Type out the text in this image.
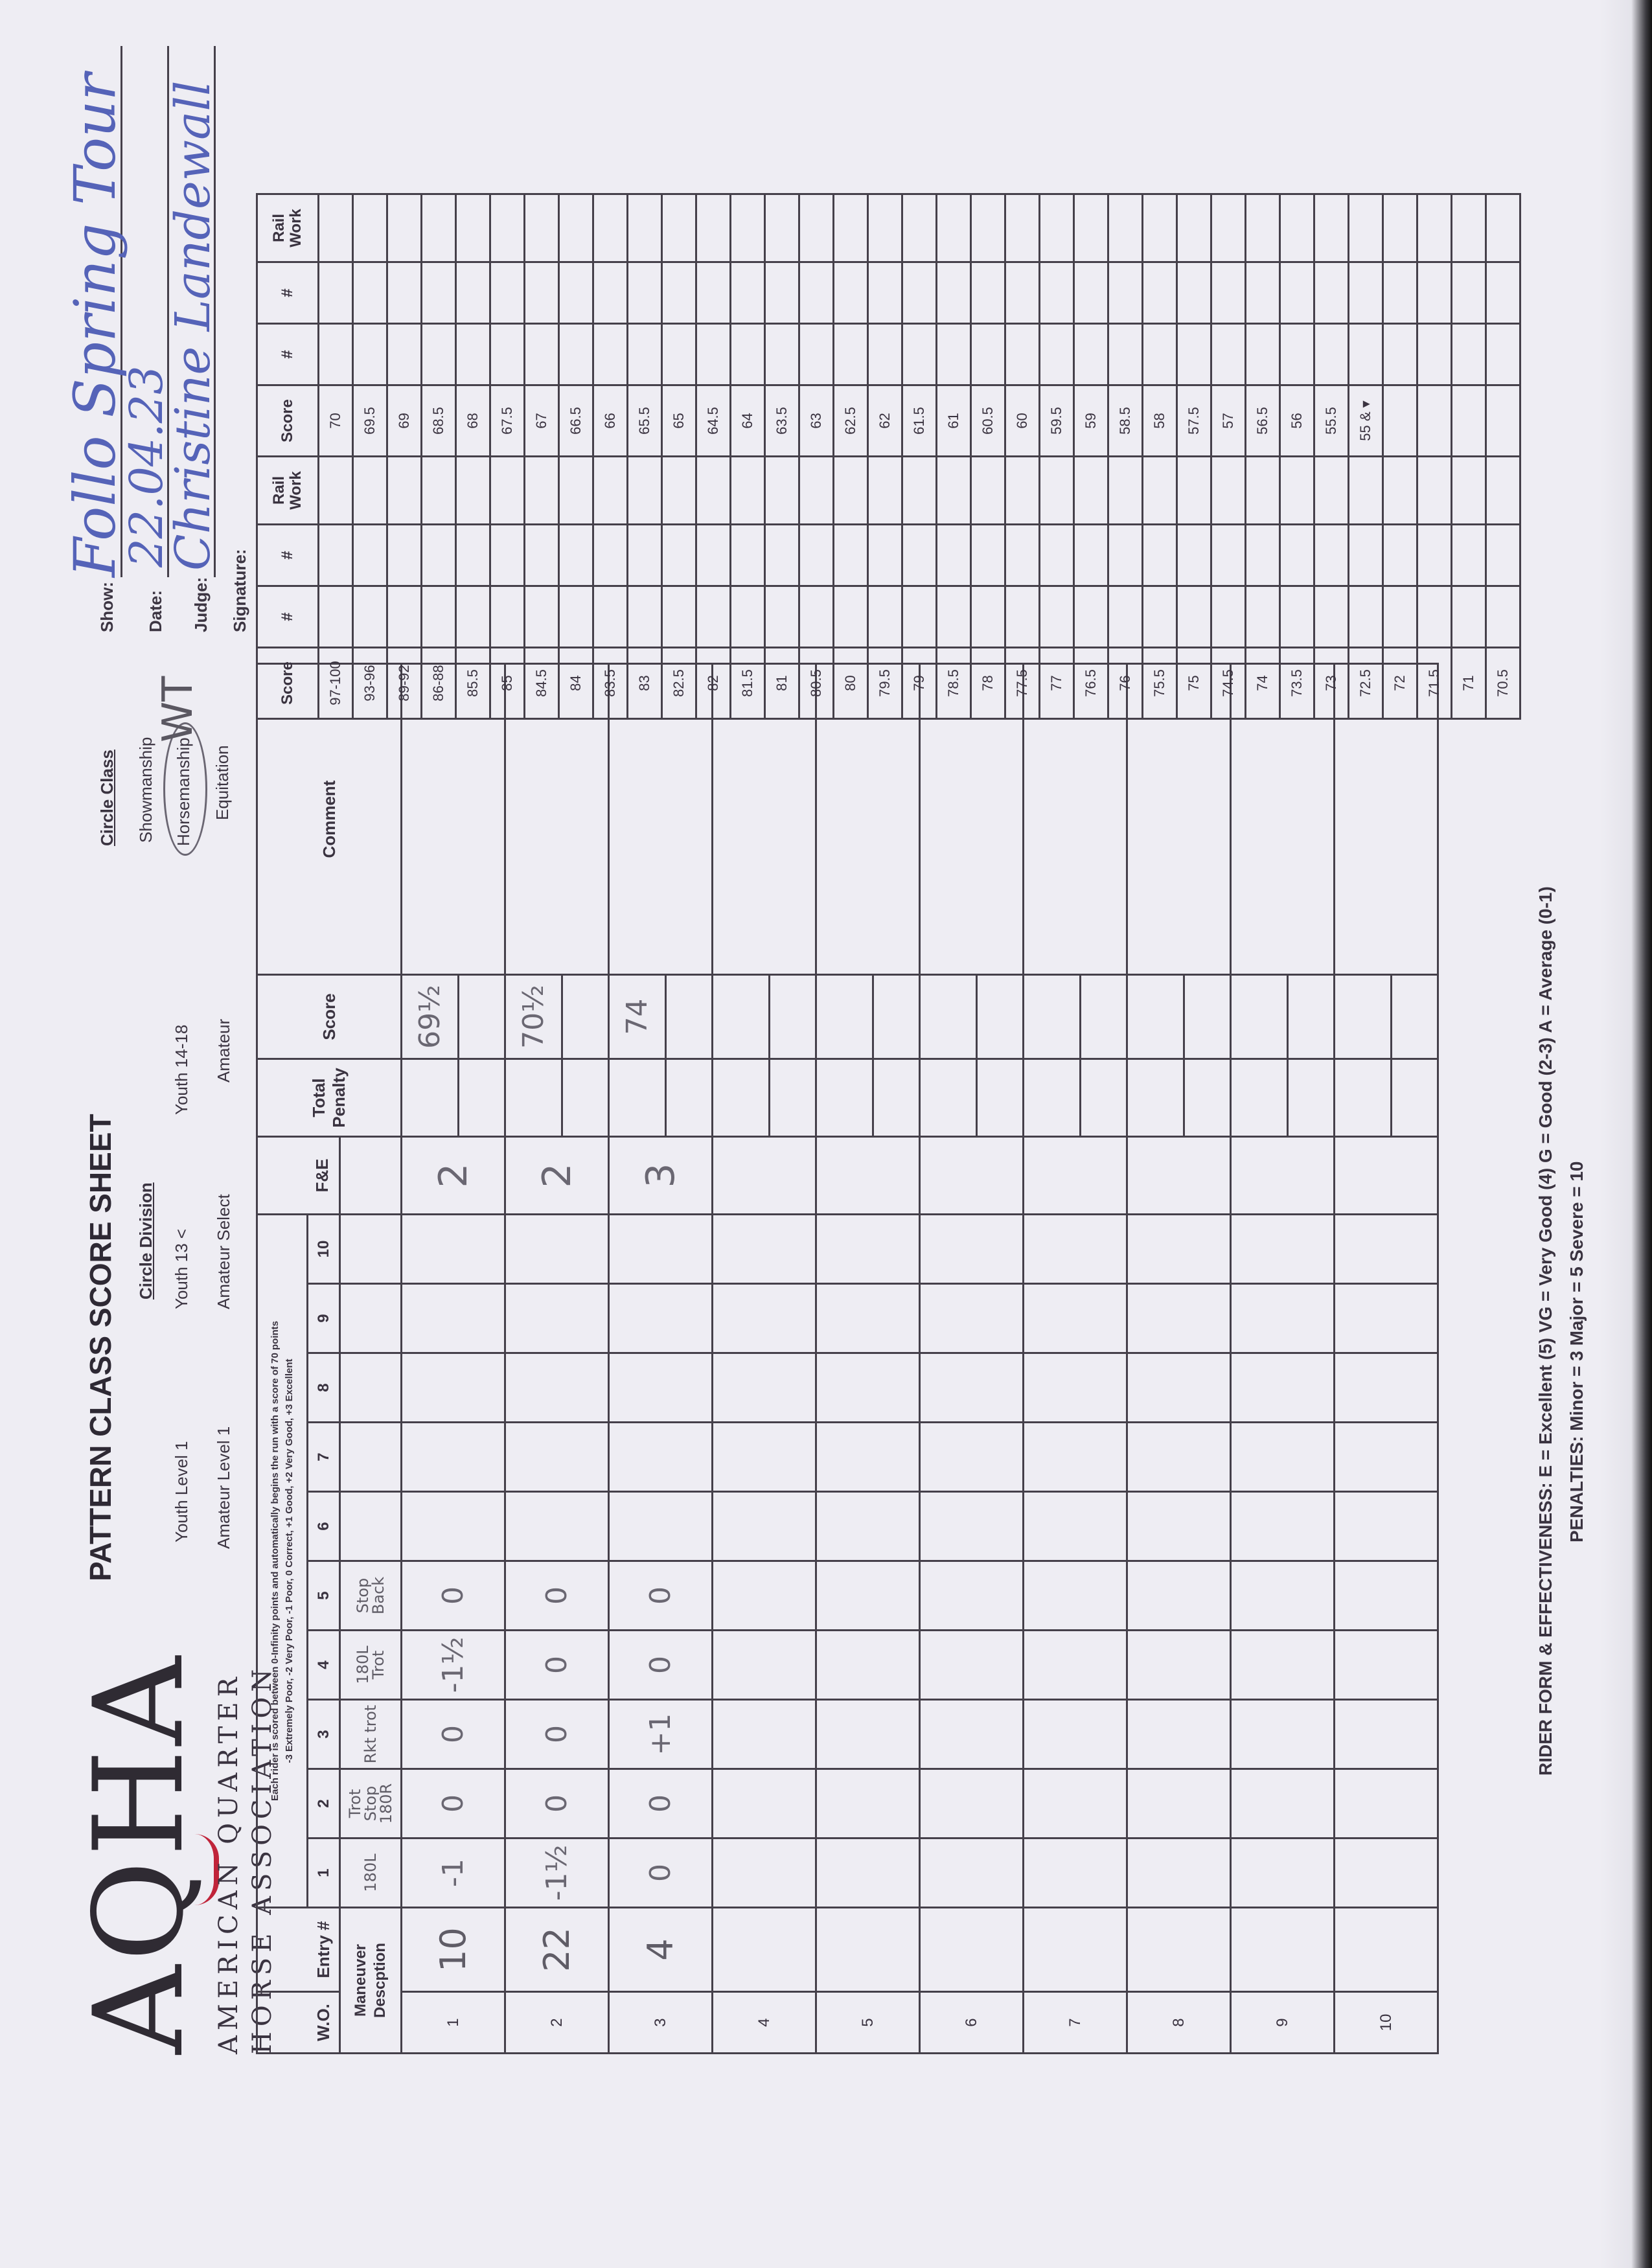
AQHA AMERICAN QUARTER HORSE ASSOCIATION
PATTERN CLASS SCORE SHEET Circle Division
Youth Level 1
Youth 13 <
Youth 14-18
Amateur Level 1
Amateur Select
Amateur
Circle Class Showmanship Horsemanship
WT
Equitation
Show:
Follo Spring Tour
Date:
22.04.23
Judge:
Christine Landewall
Signature:
W.O.	Entry #	Each rider is scored between 0-Infinity points and automatically begins the run with a score of 70 points -3 Extremely Poor, -2 Very Poor, -1 Poor, 0 Correct, +1 Good, +2 Very Good, +3 Excellent										F&E	Total Penalty	Score	Comment
		1	2	3	4	5	6	7	8	9	10				
Maneuver Descption		180L	Trot Stop 180R	Rkt trot	180L Trot	Stop Back									
1	10	-1	0	0	-1½	0						2		69½	

2	22	-1½	0	0	0	0						2		70½	

3	4	0	0	+1	0	0						3		74	

4															

5															

6															

7															

8															

9															

10															

Score	#	#	Rail Work	Score	#	#	Rail Work
97-100				70			
93-96				69.5			
89-92				69			
86-88				68.5			
85.5				68			
85				67.5			
84.5				67			
84				66.5			
83.5				66			
83				65.5			
82.5				65			
82				64.5			
81.5				64			
81				63.5			
80.5				63			
80				62.5			
79.5				62			
79				61.5			
78.5				61			
78				60.5			
77.5				60			
77				59.5			
76.5				59			
76				58.5			
75.5				58			
75				57.5			
74.5				57			
74				56.5			
73.5				56			
73				55.5			
72.5				55 & ▾			
72							
71.5							
71							
70.5							
RIDER FORM & EFFECTIVENESS: E = Excellent (5) VG = Very Good (4) G = Good (2-3) A = Average (0-1) PENALTIES: Minor = 3 Major = 5 Severe = 10
